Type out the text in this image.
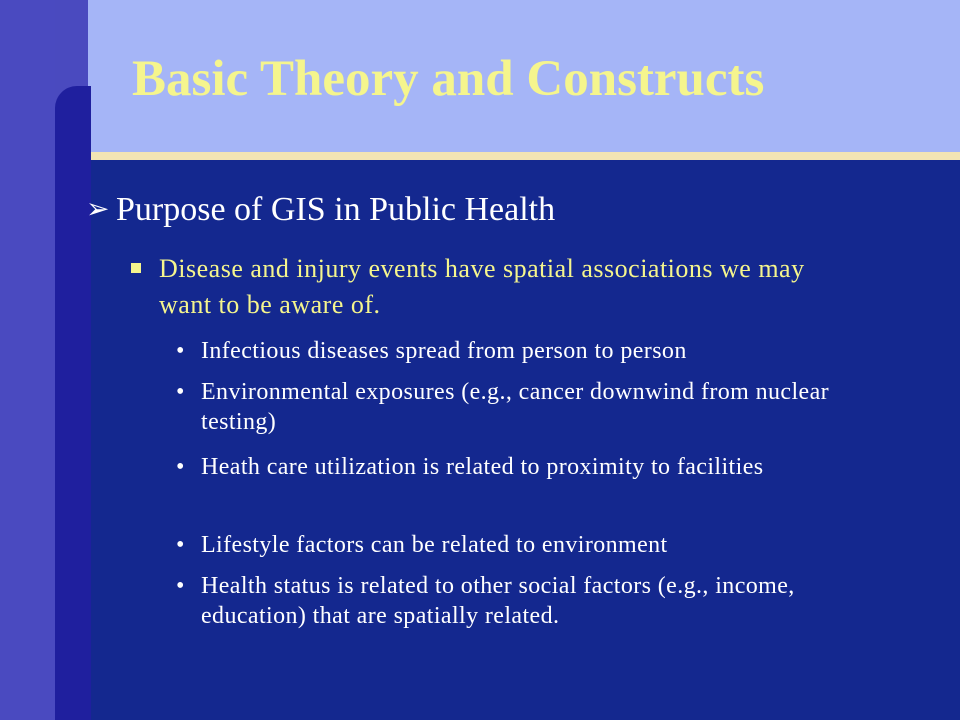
Basic Theory and Constructs
➢ Purpose of GIS in Public Health
Disease and injury events have spatial associations we may want to be aware of.
• Infectious diseases spread from person to person
• Environmental exposures (e.g., cancer downwind from nuclear testing)
• Heath care utilization is related to proximity to facilities
• Lifestyle factors can be related to environment
• Health status is related to other social factors (e.g., income, education) that are spatially related.
